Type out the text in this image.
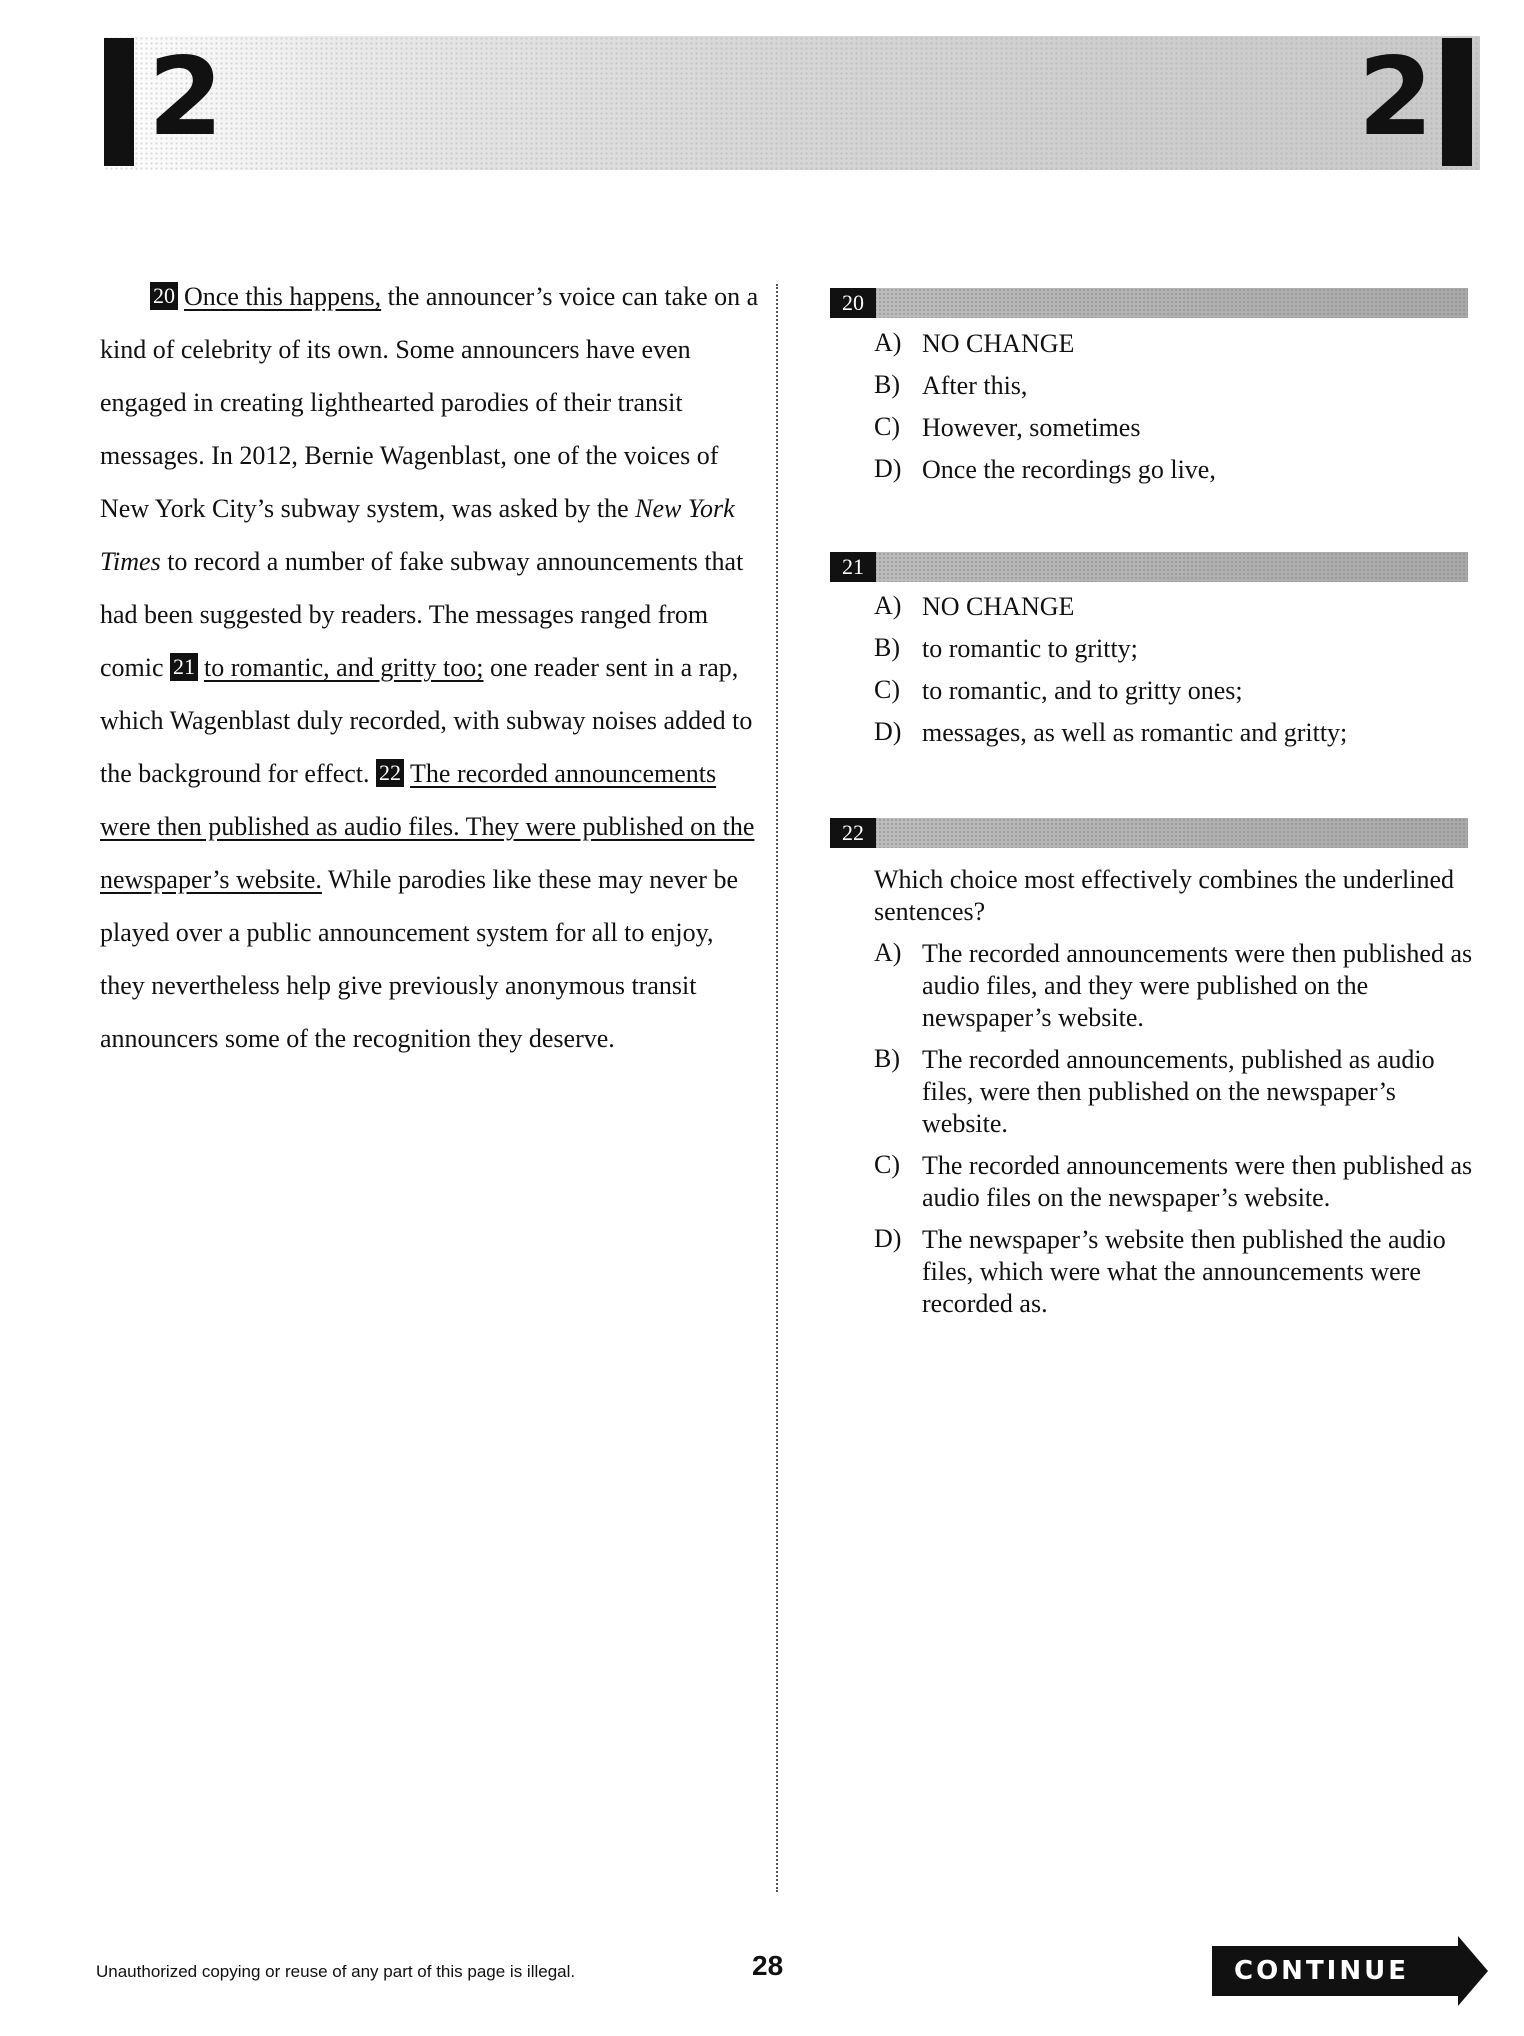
2	2

20 Once this happens, the announcer’s voice can take on a kind of celebrity of its own. Some announcers have even engaged in creating lighthearted parodies of their transit messages. In 2012, Bernie Wagenblast, one of the voices of New York City’s subway system, was asked by the New York Times to record a number of fake subway announcements that had been suggested by readers. The messages ranged from comic 21 to romantic, and gritty too; one reader sent in a rap, which Wagenblast duly recorded, with subway noises added to the background for effect. 22 The recorded announcements were then published as audio files. They were published on the newspaper’s website. While parodies like these may never be played over a public announcement system for all to enjoy, they nevertheless help give previously anonymous transit announcers some of the recognition they deserve.

20
A) NO CHANGE
B) After this,
C) However, sometimes
D) Once the recordings go live,
21
A) NO CHANGE
B) to romantic to gritty;
C) to romantic, and to gritty ones;
D) messages, as well as romantic and gritty;
22
Which choice most effectively combines the underlined sentences?
A) The recorded announcements were then published as audio files, and they were published on the newspaper’s website.
B) The recorded announcements, published as audio files, were then published on the newspaper’s website.
C) The recorded announcements were then published as audio files on the newspaper’s website.
D) The newspaper’s website then published the audio files, which were what the announcements were recorded as.
Unauthorized copying or reuse of any part of this page is illegal.	28	CONTINUE
